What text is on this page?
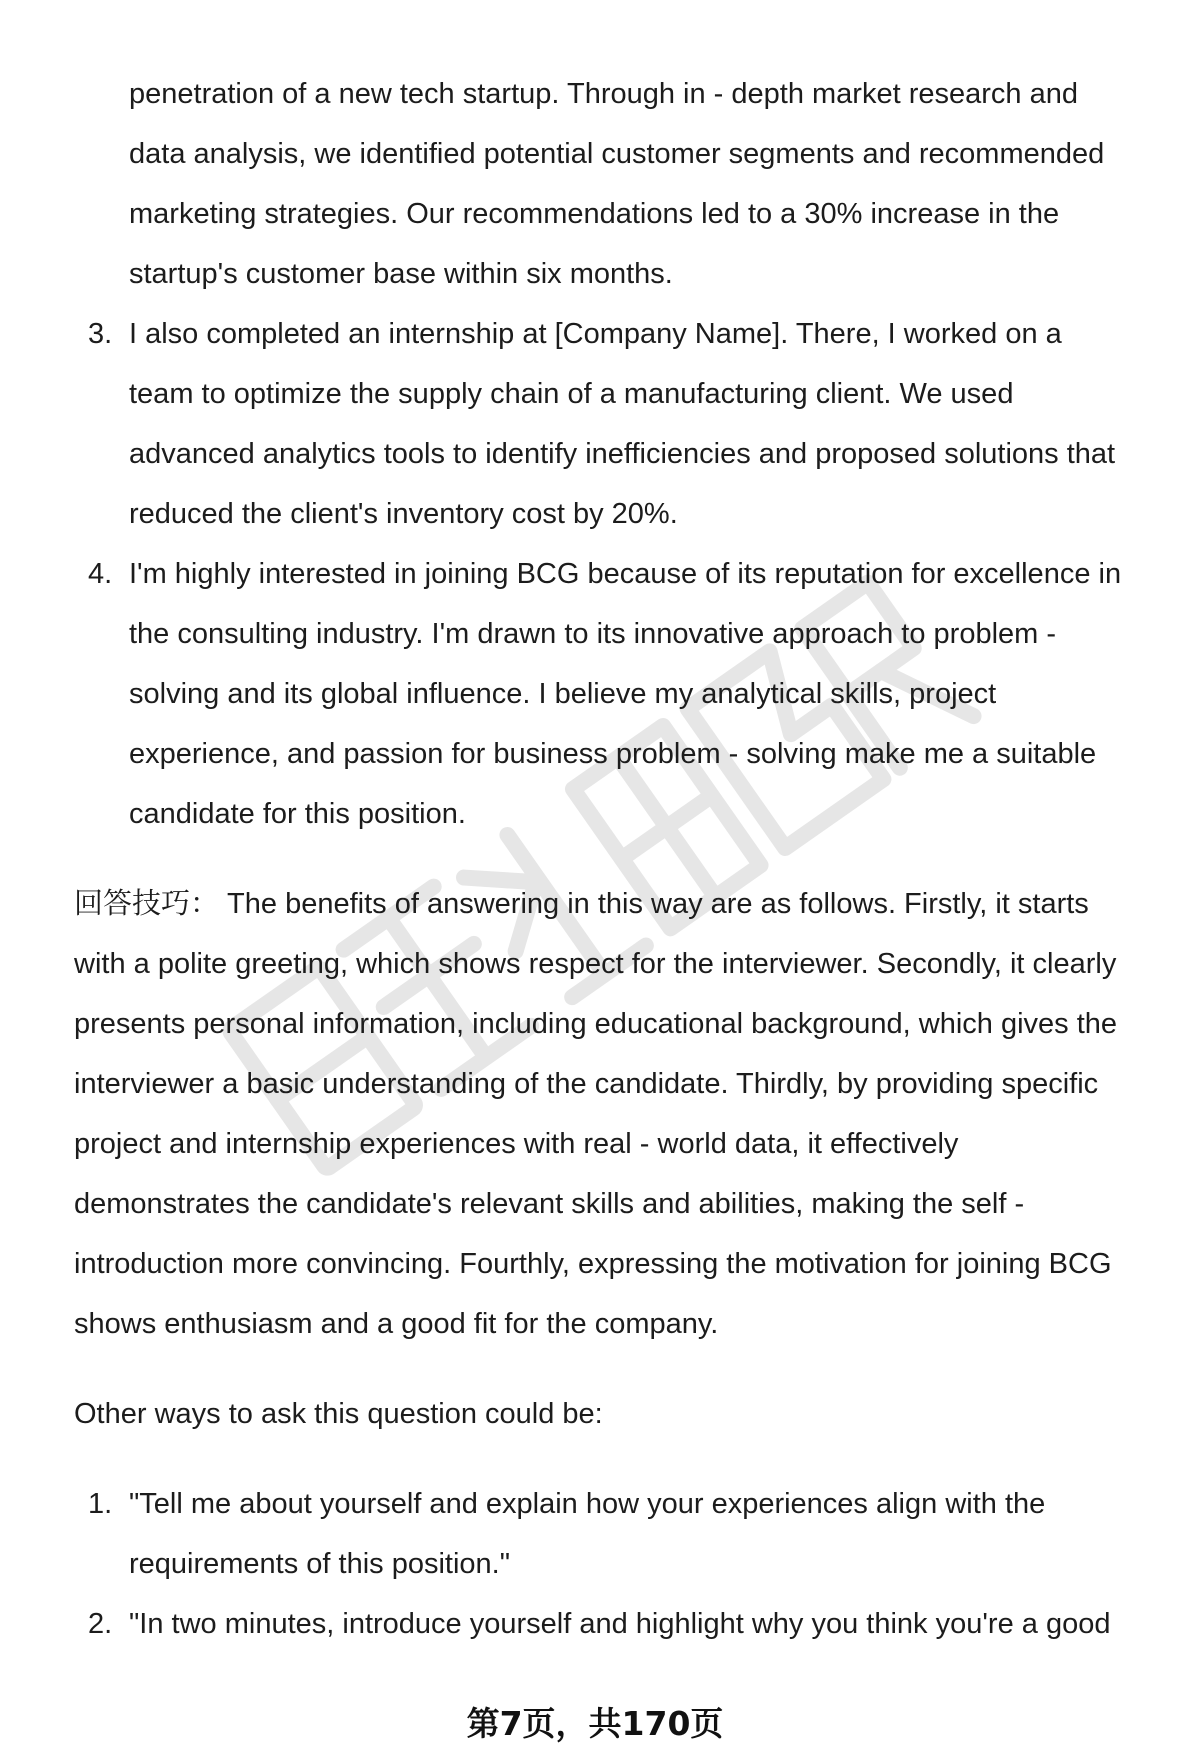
penetration of a new tech startup. Through in - depth market research and
data analysis, we identified potential customer segments and recommended
marketing strategies. Our recommendations led to a 30% increase in the
startup's customer base within six months.
3. I also completed an internship at [Company Name]. There, I worked on a
team to optimize the supply chain of a manufacturing client. We used
advanced analytics tools to identify inefficiencies and proposed solutions that
reduced the client's inventory cost by 20%.
4. I'm highly interested in joining BCG because of its reputation for excellence in
the consulting industry. I'm drawn to its innovative approach to problem -
solving and its global influence. I believe my analytical skills, project
experience, and passion for business problem - solving make me a suitable
candidate for this position.
回答技巧： The benefits of answering in this way are as follows. Firstly, it starts
with a polite greeting, which shows respect for the interviewer. Secondly, it clearly
presents personal information, including educational background, which gives the
interviewer a basic understanding of the candidate. Thirdly, by providing specific
project and internship experiences with real - world data, it effectively
demonstrates the candidate's relevant skills and abilities, making the self -
introduction more convincing. Fourthly, expressing the motivation for joining BCG
shows enthusiasm and a good fit for the company.
Other ways to ask this question could be:
1. "Tell me about yourself and explain how your experiences align with the
requirements of this position."
2. "In two minutes, introduce yourself and highlight why you think you're a good
第7页，共170页
